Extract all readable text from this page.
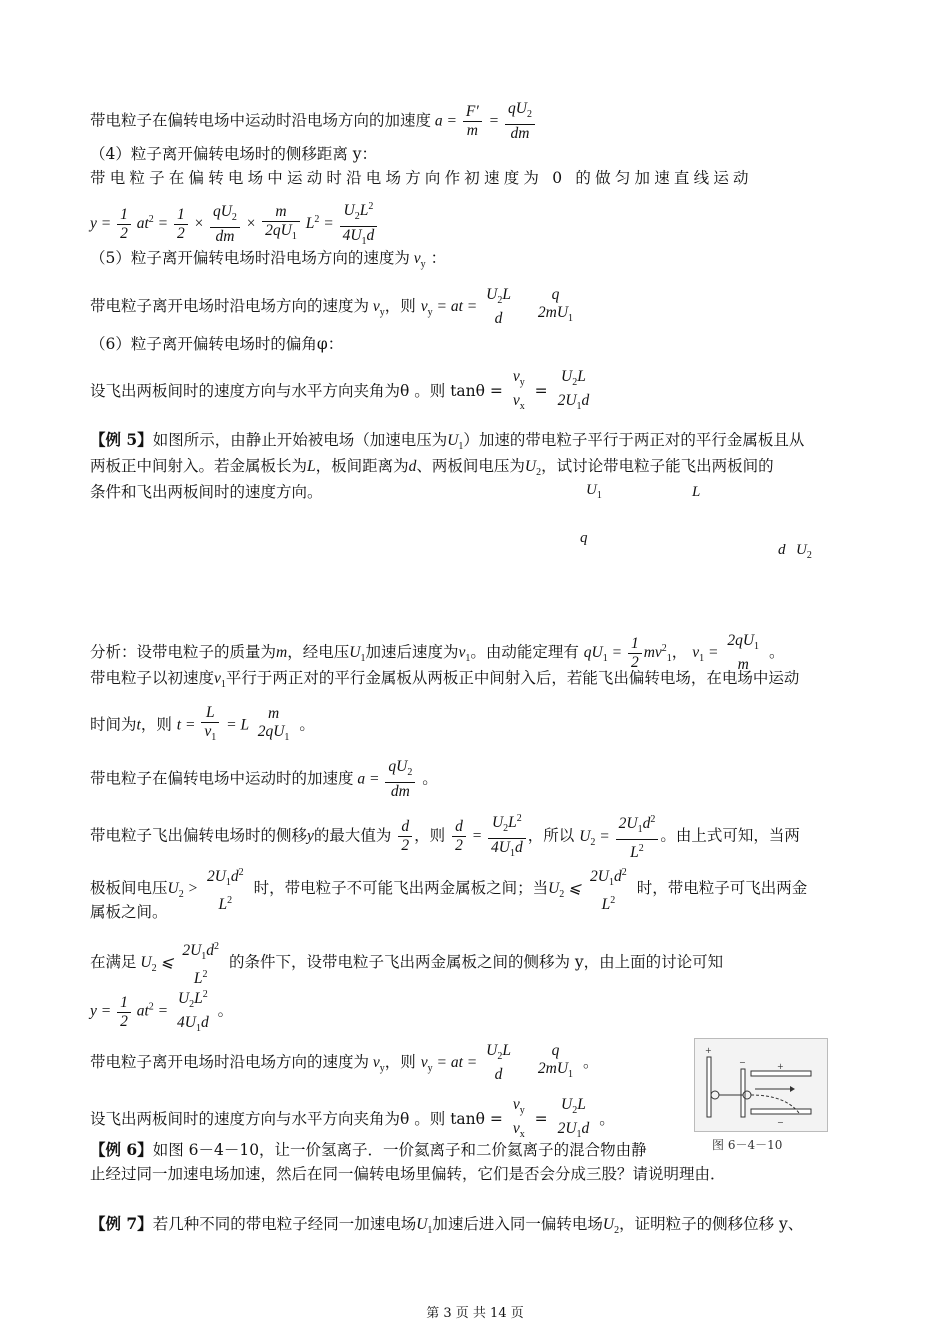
带电粒子在偏转电场中运动时沿电场方向的加速度 $a = \frac{F'}{m} = \frac{qU_2}{dm}$
（4）粒子离开偏转电场时的侧移距离 y：
带电粒子在偏转电场中运动时沿电场方向作初速度为 0 的做匀加速直线运动
$y = \frac{1}{2} at^2 = \frac{1}{2} \times \frac{qU_2}{dm} \times \frac{m}{2qU_1} L^2 = \frac{U_2L^2}{4U_1d}$
（5）粒子离开偏转电场时沿电场方向的速度为 $v_y$ ：
带电粒子离开电场时沿电场方向的速度为 $v_y$，则 $v_y$ = at =
$U_2L$
d

q
$2mU_1$
（6）粒子离开偏转电场时的偏角φ：
设飞出两板间时的速度方向与水平方向夹角为θ 。则 tanθ =
$v_y$
$v_x$
=
$U_2L$
$2U_1d$
【例 5】如图所示，由静止开始被电场（加速电压为$U_1$）加速的带电粒子平行于两正对的平行金属板且从
两板正中间射入。若金属板长为L，板间距离为d、两板间电压为$U_2$，试讨论带电粒子能飞出两板间的
条件和飞出两板间时的速度方向。	$U_1$	L
q
d $U_2$
分析：设带电粒子的质量为m，经电压$U_1$加速后速度为$v_1$。由动能定理有 $qU_1 = \frac{1}{2} mv^2_1$， $v_1$ =
$2qU_1$
m
。
带电粒子以初速度$v_1$平行于两正对的平行金属板从两板正中间射入后，若能飞出偏转电场，在电场中运动
时间为t，则 $t = \frac{L}{v_1} = L$
m
$2qU_1$
。
带电粒子在偏转电场中运动时的加速度 $a = \frac{qU_2}{dm}$ 。
带电粒子飞出偏转电场时的侧移y的最大值为 $\frac{d}{2}$ ，则 $\frac{d}{2} = \frac{U_2L^2}{4U_1d}$ ，所以 $U_2 = \frac{2U_1d^2}{L^2}$ 。由上式可知，当两
极板间电压$U_2$ >
$2U_1d^2$
$L^2$
时，带电粒子不可能飞出两金属板之间；当$U_2$ ⩽
$2U_1d^2$
$L^2$
时，带电粒子可飞出两金
属板之间。
在满足 $U_2$ ⩽
$2U_1d^2$
$L^2$
的条件下，设带电粒子飞出两金属板之间的侧移为 y，由上面的讨论可知
$y = \frac{1}{2} at^2$ =
$U_2L^2$
$4U_1d$
。
带电粒子离开电场时沿电场方向的速度为 $v_y$，则 $v_y$ = at =
$U_2L$
d

q
$2mU_1$
。
设飞出两板间时的速度方向与水平方向夹角为θ 。则 tanθ =
$v_y$
$v_x$
=
$U_2L$
$2U_1d$
。
+
−	+
−
图 6－4－10
【例 6】如图 6－4－10，让一价氢离子．一价氦离子和二价氦离子的混合物由静
止经过同一加速电场加速，然后在同一偏转电场里偏转，它们是否会分成三股？请说明理由．
【例 7】若几种不同的带电粒子经同一加速电场$U_1$加速后进入同一偏转电场$U_2$，证明粒子的侧移位移 y、
第 3 页 共 14 页
